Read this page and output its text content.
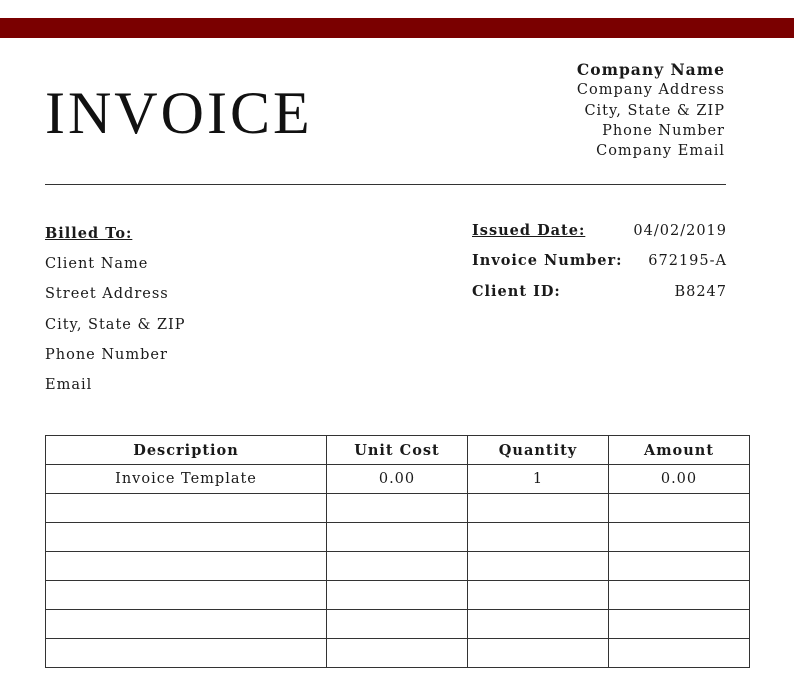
INVOICE
Company Name
Company Address
City, State & ZIP
Phone Number
Company Email
Billed To:
Client Name
Street Address
City, State & ZIP
Phone Number
Email
Issued Date:	04/02/2019
Invoice Number: 672195-A
Client ID:	B8247
Description	Unit Cost	Quantity	Amount
Invoice Template	0.00	1	0.00
